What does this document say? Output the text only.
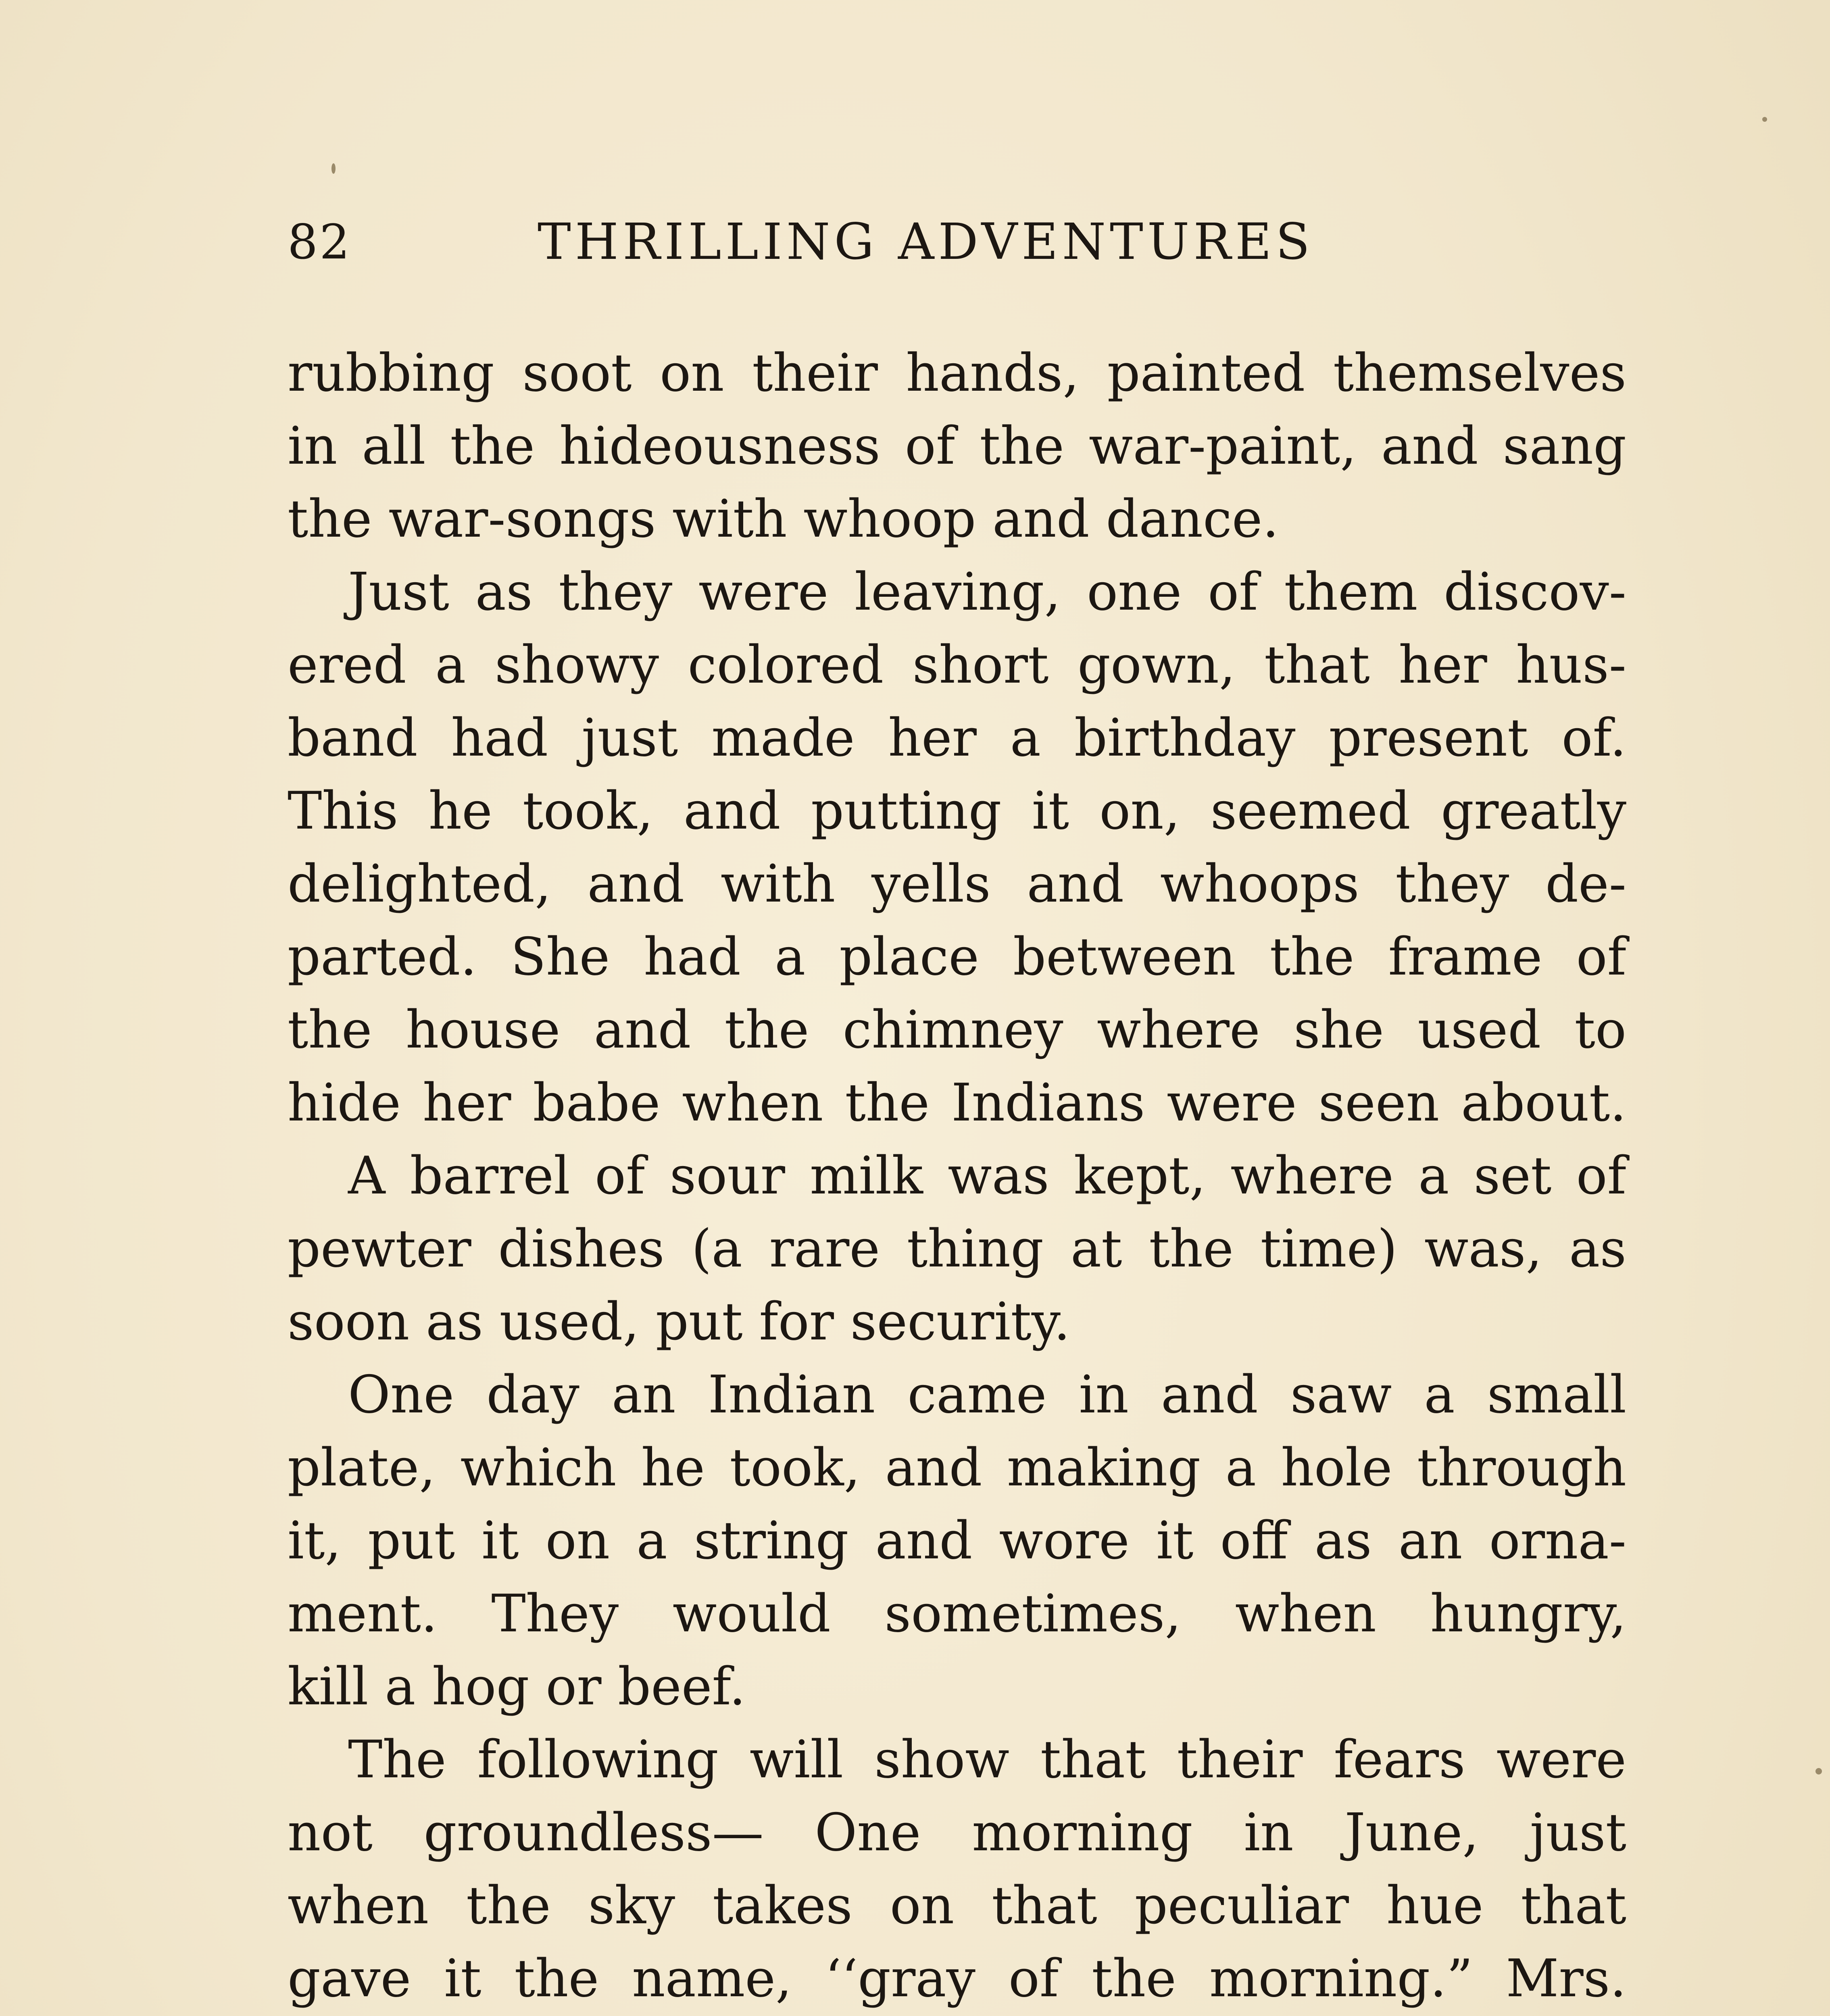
82	THRILLING ADVENTURES
rubbing soot on their hands, painted themselves
in all the hideousness of the war-paint, and sang
the war-songs with whoop and dance.
Just as they were leaving, one of them discov-
ered a showy colored short gown, that her hus-
band had just made her a birthday present of.
This he took, and putting it on, seemed greatly
delighted, and with yells and whoops they de-
parted. She had a place between the frame of
the house and the chimney where she used to
hide her babe when the Indians were seen about.
A barrel of sour milk was kept, where a set of
pewter dishes (a rare thing at the time) was, as
soon as used, put for security.
One day an Indian came in and saw a small
plate, which he took, and making a hole through
it, put it on a string and wore it off as an orna-
ment. They would sometimes, when hungry,
kill a hog or beef.
The following will show that their fears were
not groundless— One morning in June, just
when the sky takes on that peculiar hue that
gave it the name, ‘‘gray of the morning.” Mrs.
